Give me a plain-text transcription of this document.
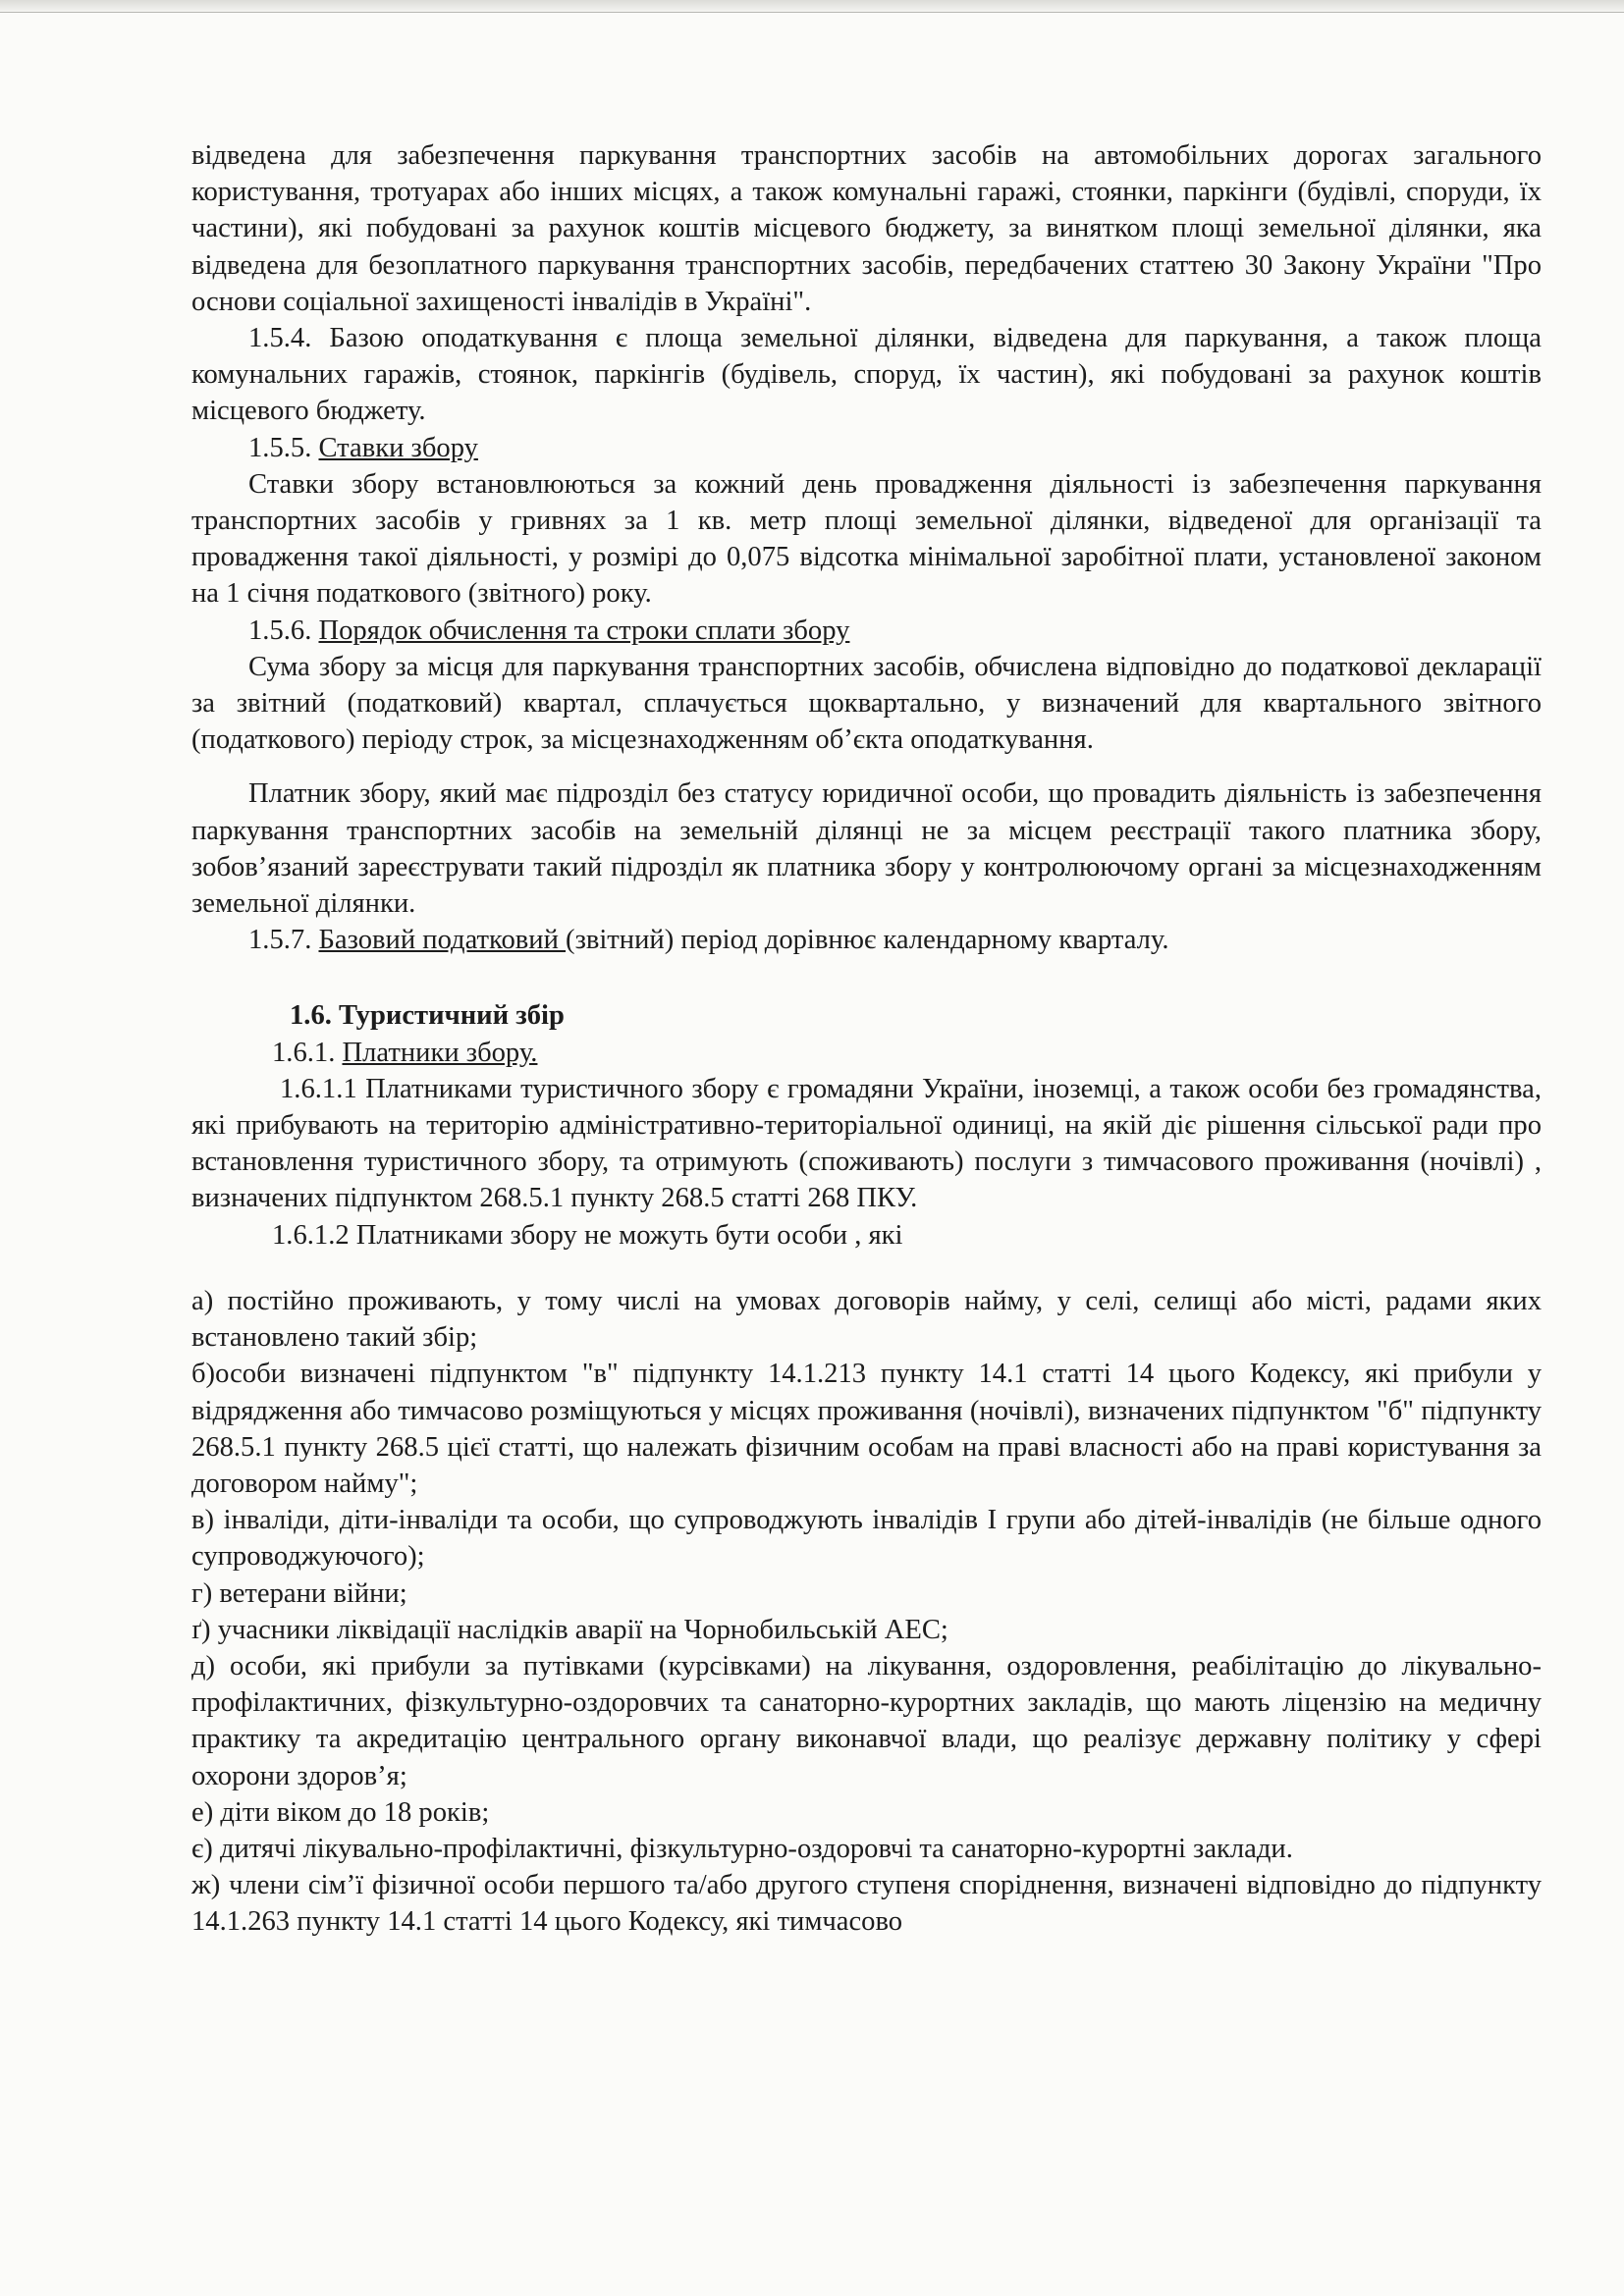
відведена для забезпечення паркування транспортних засобів на автомобільних дорогах загального користування, тротуарах або інших місцях, а також комунальні гаражі, стоянки, паркінги (будівлі, споруди, їх частини), які побудовані за рахунок коштів місцевого бюджету, за винятком площі земельної ділянки, яка відведена для безоплатного паркування транспортних засобів, передбачених статтею 30 Закону України "Про основи соціальної захищеності інвалідів в Україні".

1.5.4. Базою оподаткування є площа земельної ділянки, відведена для паркування, а також площа комунальних гаражів, стоянок, паркінгів (будівель, споруд, їх частин), які побудовані за рахунок коштів місцевого бюджету.

1.5.5. Ставки збору

Ставки збору встановлюються за кожний день провадження діяльності із забезпечення паркування транспортних засобів у гривнях за 1 кв. метр площі земельної ділянки, відведеної для організації та провадження такої діяльності, у розмірі до 0,075 відсотка мінімальної заробітної плати, установленої законом на 1 січня податкового (звітного) року.

1.5.6. Порядок обчислення та строки сплати збору

Сума збору за місця для паркування транспортних засобів, обчислена відповідно до податкової декларації за звітний (податковий) квартал, сплачується щоквартально, у визначений для квартального звітного (податкового) періоду строк, за місцезнаходженням об’єкта оподаткування.

Платник збору, який має підрозділ без статусу юридичної особи, що провадить діяльність із забезпечення паркування транспортних засобів на земельній ділянці не за місцем реєстрації такого платника збору, зобов’язаний зареєструвати такий підрозділ як платника збору у контролюючому органі за місцезнаходженням земельної ділянки.

1.5.7. Базовий податковий (звітний) період дорівнює календарному кварталу.

1.6. Туристичний збір

1.6.1. Платники збору.

1.6.1.1 Платниками туристичного збору є громадяни України, іноземці, а також особи без громадянства, які прибувають на територію адміністративно-територіальної одиниці, на якій діє рішення сільської ради про встановлення туристичного збору, та отримують (споживають) послуги з тимчасового проживання (ночівлі) , визначених підпунктом 268.5.1 пункту 268.5 статті 268 ПКУ.

1.6.1.2 Платниками збору не можуть бути особи , які

а) постійно проживають, у тому числі на умовах договорів найму, у селі, селищі або місті, радами яких встановлено такий збір;

б)особи визначені підпунктом "в" підпункту 14.1.213 пункту 14.1 статті 14 цього Кодексу, які прибули у відрядження або тимчасово розміщуються у місцях проживання (ночівлі), визначених підпунктом "б" підпункту 268.5.1 пункту 268.5 цієї статті, що належать фізичним особам на праві власності або на праві користування за договором найму";

в) інваліди, діти-інваліди та особи, що супроводжують інвалідів І групи або дітей-інвалідів (не більше одного супроводжуючого);

г) ветерани війни;

ґ) учасники ліквідації наслідків аварії на Чорнобильській АЕС;

д) особи, які прибули за путівками (курсівками) на лікування, оздоровлення, реабілітацію до лікувально-профілактичних, фізкультурно-оздоровчих та санаторно-курортних закладів, що мають ліцензію на медичну практику та акредитацію центрального органу виконавчої влади, що реалізує державну політику у сфері охорони здоров’я;

е) діти віком до 18 років;

є) дитячі лікувально-профілактичні, фізкультурно-оздоровчі та санаторно-курортні заклади.

ж) члени сім’ї фізичної особи першого та/або другого ступеня споріднення, визначені відповідно до підпункту 14.1.263 пункту 14.1 статті 14 цього Кодексу, які тимчасово
